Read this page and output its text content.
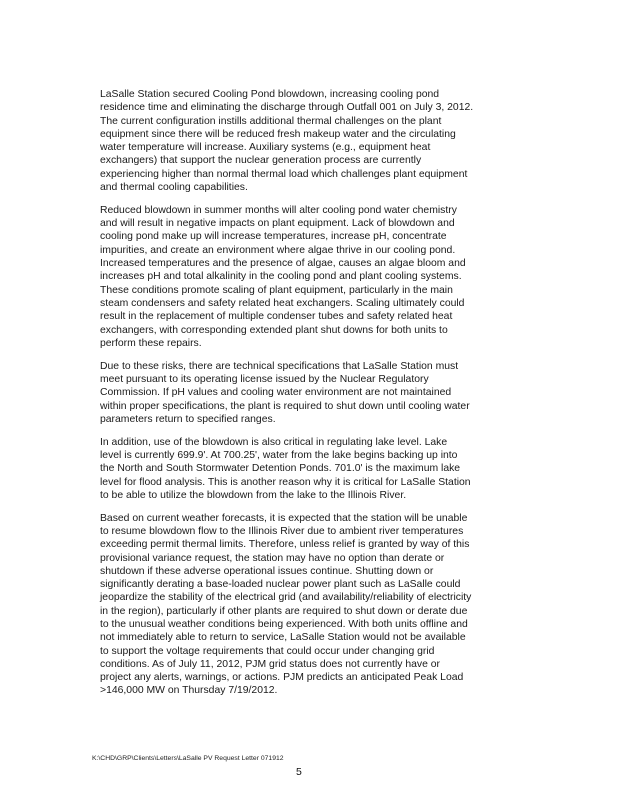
LaSalle Station secured Cooling Pond blowdown, increasing cooling pond
residence time and eliminating the discharge through Outfall 001 on July 3, 2012.
The current configuration instills additional thermal challenges on the plant
equipment since there will be reduced fresh makeup water and the circulating
water temperature will increase. Auxiliary systems (e.g., equipment heat
exchangers) that support the nuclear generation process are currently
experiencing higher than normal thermal load which challenges plant equipment
and thermal cooling capabilities.
Reduced blowdown in summer months will alter cooling pond water chemistry
and will result in negative impacts on plant equipment. Lack of blowdown and
cooling pond make up will increase temperatures, increase pH, concentrate
impurities, and create an environment where algae thrive in our cooling pond.
Increased temperatures and the presence of algae, causes an algae bloom and
increases pH and total alkalinity in the cooling pond and plant cooling systems.
These conditions promote scaling of plant equipment, particularly in the main
steam condensers and safety related heat exchangers. Scaling ultimately could
result in the replacement of multiple condenser tubes and safety related heat
exchangers, with corresponding extended plant shut downs for both units to
perform these repairs.
Due to these risks, there are technical specifications that LaSalle Station must
meet pursuant to its operating license issued by the Nuclear Regulatory
Commission. If pH values and cooling water environment are not maintained
within proper specifications, the plant is required to shut down until cooling water
parameters return to specified ranges.
In addition, use of the blowdown is also critical in regulating lake level. Lake
level is currently 699.9'. At 700.25', water from the lake begins backing up into
the North and South Stormwater Detention Ponds. 701.0' is the maximum lake
level for flood analysis. This is another reason why it is critical for LaSalle Station
to be able to utilize the blowdown from the lake to the Illinois River.
Based on current weather forecasts, it is expected that the station will be unable
to resume blowdown flow to the Illinois River due to ambient river temperatures
exceeding permit thermal limits. Therefore, unless relief is granted by way of this
provisional variance request, the station may have no option than derate or
shutdown if these adverse operational issues continue. Shutting down or
significantly derating a base-loaded nuclear power plant such as LaSalle could
jeopardize the stability of the electrical grid (and availability/reliability of electricity
in the region), particularly if other plants are required to shut down or derate due
to the unusual weather conditions being experienced. With both units offline and
not immediately able to return to service, LaSalle Station would not be available
to support the voltage requirements that could occur under changing grid
conditions. As of July 11, 2012, PJM grid status does not currently have or
project any alerts, warnings, or actions. PJM predicts an anticipated Peak Load
>146,000 MW on Thursday 7/19/2012.
K:\CHD\GRP\Clients\Letters\LaSalle PV Request Letter 071912
5
